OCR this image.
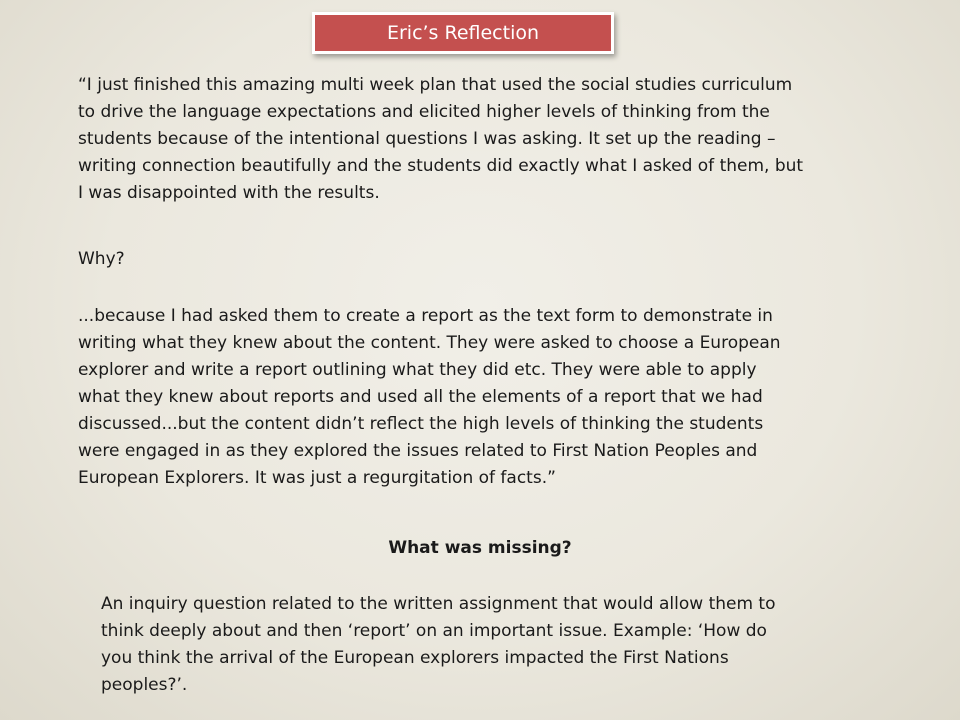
Eric’s Reflection
“I just finished this amazing multi week plan that used the social studies curriculum
to drive the language expectations and elicited higher levels of thinking from the
students because of the intentional questions I was asking. It set up the reading –
writing connection beautifully and the students did exactly what I asked of them, but
I was disappointed with the results.
Why?
...because I had asked them to create a report as the text form to demonstrate in
writing what they knew about the content. They were asked to choose a European
explorer and write a report outlining what they did etc. They were able to apply
what they knew about reports and used all the elements of a report that we had
discussed...but the content didn’t reflect the high levels of thinking the students
were engaged in as they explored the issues related to First Nation Peoples and
European Explorers. It was just a regurgitation of facts.”
What was missing?
An inquiry question related to the written assignment that would allow them to
think deeply about and then ‘report’ on an important issue. Example: ‘How do
you think the arrival of the European explorers impacted the First Nations
peoples?’.
